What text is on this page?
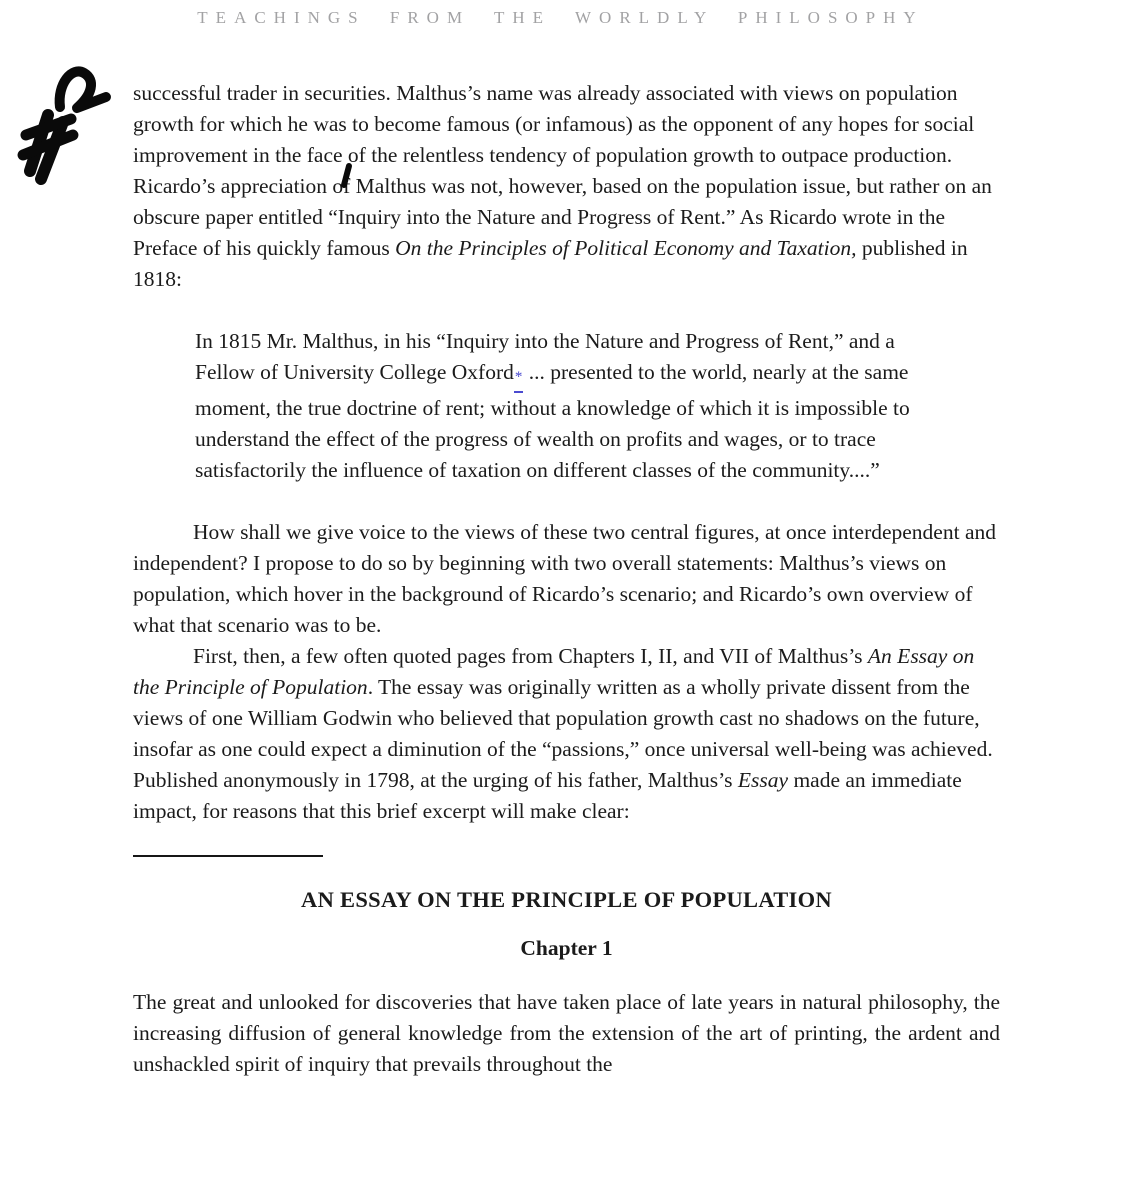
TEACHINGS FROM THE WORLDLY PHILOSOPHY

successful trader in securities. Malthus’s name was already associated with views on population growth for which he was to become famous (or infamous) as the opponent of any hopes for social improvement in the face of the relentless tendency of population growth to outpace production. Ricardo’s appreciation of Malthus was not, however, based on the population issue, but rather on an obscure paper entitled “Inquiry into the Nature and Progress of Rent.” As Ricardo wrote in the Preface of his quickly famous On the Principles of Political Economy and Taxation, published in 1818:

In 1815 Mr. Malthus, in his “Inquiry into the Nature and Progress of Rent,” and a Fellow of University College Oxford* ... presented to the world, nearly at the same moment, the true doctrine of rent; without a knowledge of which it is impossible to understand the effect of the progress of wealth on profits and wages, or to trace satisfactorily the influence of taxation on different classes of the community....”

How shall we give voice to the views of these two central figures, at once interdependent and independent? I propose to do so by beginning with two overall statements: Malthus’s views on population, which hover in the background of Ricardo’s scenario; and Ricardo’s own overview of what that scenario was to be.

First, then, a few often quoted pages from Chapters I, II, and VII of Malthus’s An Essay on the Principle of Population. The essay was originally written as a wholly private dissent from the views of one William Godwin who believed that population growth cast no shadows on the future, insofar as one could expect a diminution of the “passions,” once universal well-being was achieved. Published anonymously in 1798, at the urging of his father, Malthus’s Essay made an immediate impact, for reasons that this brief excerpt will make clear:

AN ESSAY ON THE PRINCIPLE OF POPULATION
Chapter 1

The great and unlooked for discoveries that have taken place of late years in natural philosophy, the increasing diffusion of general knowledge from the extension of the art of printing, the ardent and unshackled spirit of inquiry that prevails throughout the
